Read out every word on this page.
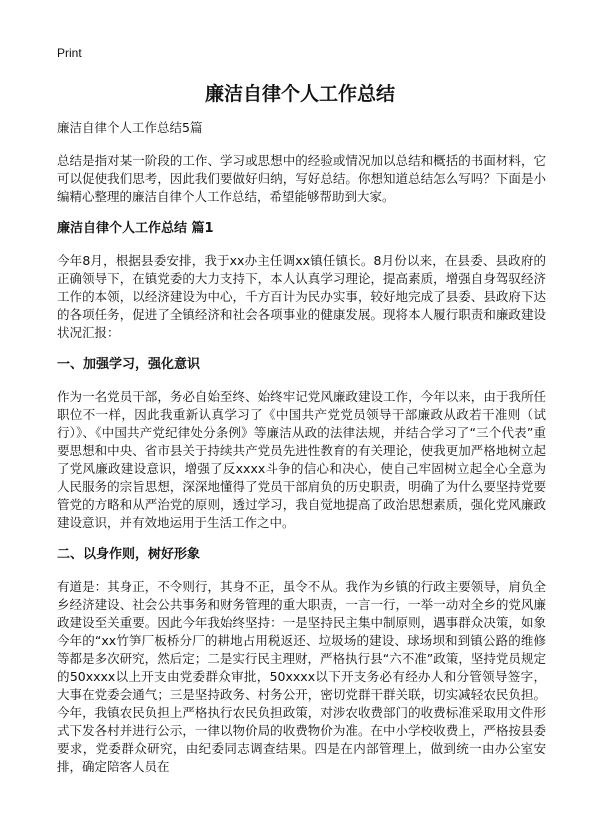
Print
廉洁自律个人工作总结

廉洁自律个人工作总结5篇

总结是指对某一阶段的工作、学习或思想中的经验或情况加以总结和概括的书面材料，它可以促使我们思考，因此我们要做好归纳，写好总结。你想知道总结怎么写吗？下面是小编精心整理的廉洁自律个人工作总结，希望能够帮助到大家。

廉洁自律个人工作总结 篇1

今年8月，根据县委安排，我于xx办主任调xx镇任镇长。8月份以来，在县委、县政府的正确领导下，在镇党委的大力支持下，本人认真学习理论，提高素质，增强自身驾驭经济工作的本领，以经济建设为中心，千方百计为民办实事，较好地完成了县委、县政府下达的各项任务，促进了全镇经济和社会各项事业的健康发展。现将本人履行职责和廉政建设状况汇报：

一、加强学习，强化意识

作为一名党员干部，务必自始至终、始终牢记党风廉政建设工作，今年以来，由于我所任职位不一样，因此我重新认真学习了《中国共产党党员领导干部廉政从政若干准则（试行）》、《中国共产党纪律处分条例》等廉洁从政的法律法规，并结合学习了“三个代表”重要思想和中央、省市县关于持续共产党员先进性教育的有关理论，使我更加严格地树立起了党风廉政建设意识，增强了反xxxx斗争的信心和决心，使自己牢固树立起全心全意为人民服务的宗旨思想，深深地懂得了党员干部肩负的历史职责，明确了为什么要坚持党要管党的方略和从严治党的原则，透过学习，我自觉地提高了政治思想素质，强化党风廉政建设意识，并有效地运用于生活工作之中。

二、以身作则，树好形象

有道是：其身正，不令则行，其身不正，虽令不从。我作为乡镇的行政主要领导，肩负全乡经济建设、社会公共事务和财务管理的重大职责，一言一行，一举一动对全乡的党风廉政建设至关重要。因此今年我始终坚持：一是坚持民主集中制原则，遇事群众决策，如象今年的“xx竹笋厂板桥分厂的耕地占用税返还、垃圾场的建设、球场坝和到镇公路的维修等都是多次研究，然后定；二是实行民主理财，严格执行县“六不准”政策，坚持党员规定的50xxxx以上开支由党委群众审批，50xxxx以下开支务必有经办人和分管领导签字，大事在党委会通气；三是坚持政务、村务公开，密切党群干群关联，切实减轻农民负担。今年，我镇农民负担上严格执行农民负担政策，对涉农收费部门的收费标准采取用文件形式下发各村并进行公示，一律以物价局的收费物价为准。在中小学校收费上，严格按县委要求，党委群众研究，由纪委同志调查结果。四是在内部管理上，做到统一由办公室安排，确定陪客人员在
